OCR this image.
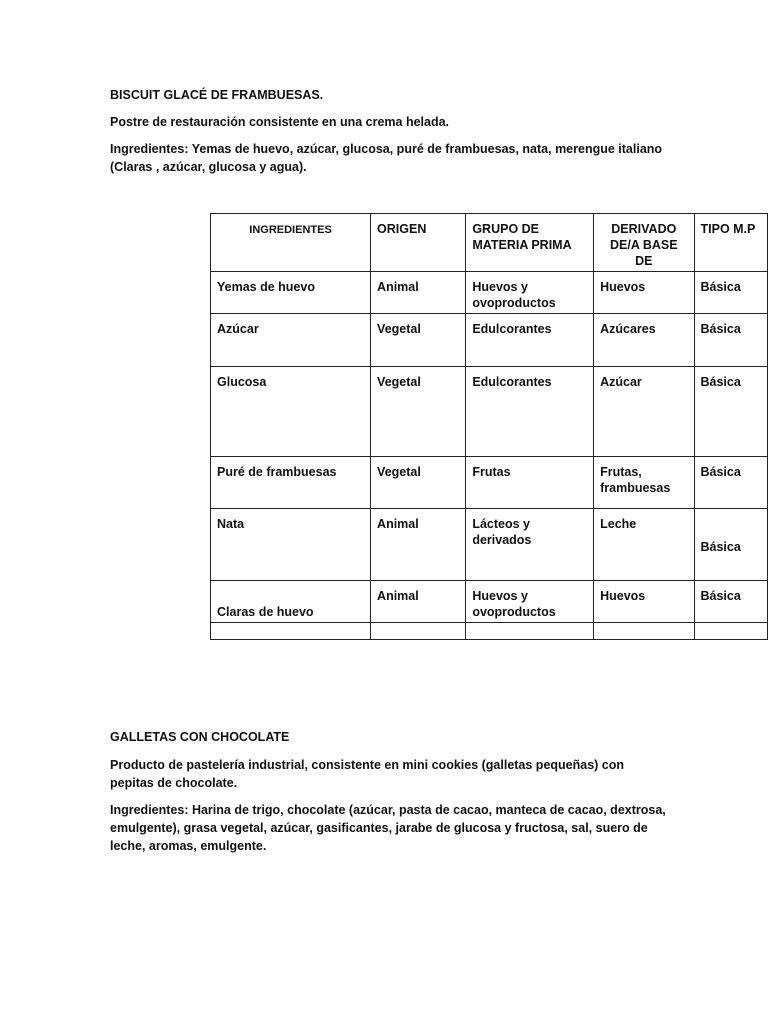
BISCUIT GLACÉ DE FRAMBUESAS.
Postre de restauración consistente en una crema helada.
Ingredientes: Yemas de huevo, azúcar, glucosa, puré de frambuesas, nata, merengue italiano
(Claras , azúcar, glucosa y agua).
INGREDIENTES	ORIGEN	GRUPO DE MATERIA PRIMA	DERIVADO DE/A BASE DE	TIPO M.P
Yemas de huevo	Animal	Huevos y ovoproductos	Huevos	Básica
Azúcar	Vegetal	Edulcorantes	Azúcares	Básica
Glucosa	Vegetal	Edulcorantes	Azúcar	Básica
Puré de frambuesas	Vegetal	Frutas	Frutas, frambuesas	Básica
Nata	Animal	Lácteos y derivados	Leche	Básica
Claras de huevo	Animal	Huevos y ovoproductos	Huevos	Básica

GALLETAS CON CHOCOLATE
Producto de pastelería industrial, consistente en mini cookies (galletas pequeñas) con
pepitas de chocolate.
Ingredientes: Harina de trigo, chocolate (azúcar, pasta de cacao, manteca de cacao, dextrosa,
emulgente), grasa vegetal, azúcar, gasificantes, jarabe de glucosa y fructosa, sal, suero de
leche, aromas, emulgente.
